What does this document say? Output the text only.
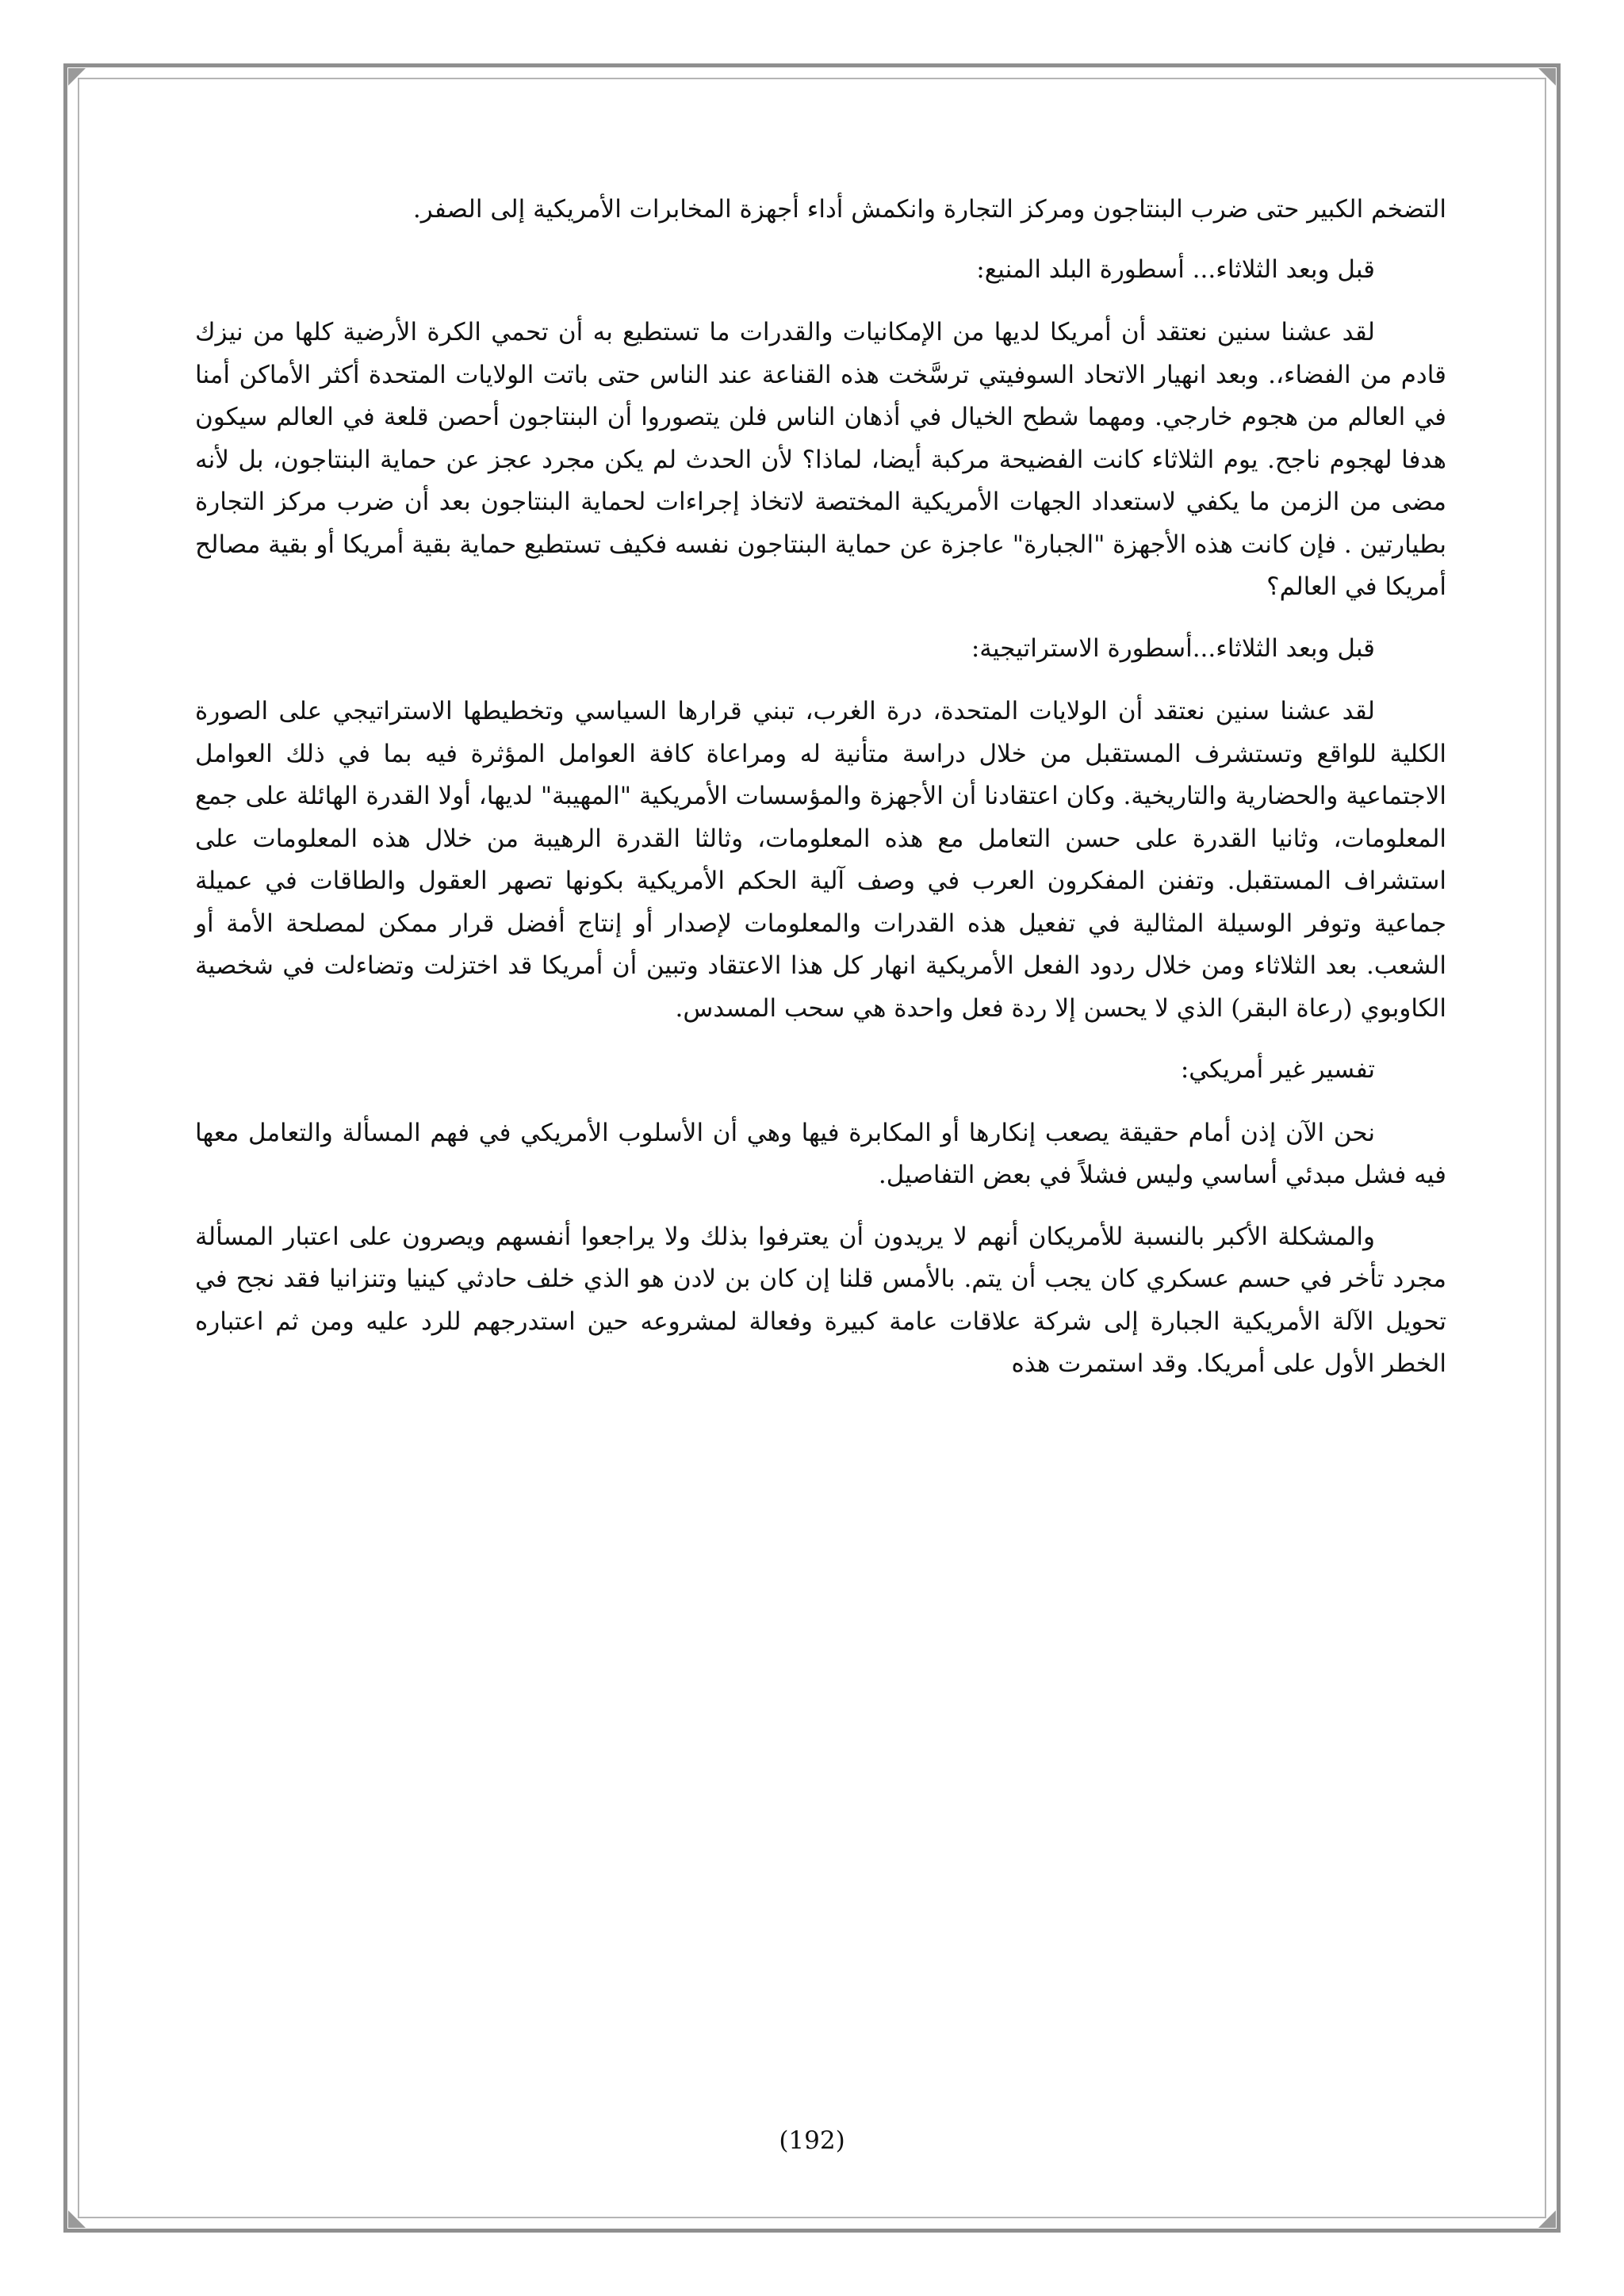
التضخم الكبير حتى ضرب البنتاجون ومركز التجارة وانكمش أداء أجهزة المخابرات الأمريكية إلى الصفر.

قبل وبعد الثلاثاء... أسطورة البلد المنيع:

لقد عشنا سنين نعتقد أن أمريكا لديها من الإمكانيات والقدرات ما تستطيع به أن تحمي الكرة الأرضية كلها من نيزك قادم من الفضاء،. وبعد انهيار الاتحاد السوفيتي ترسَّخت هذه القناعة عند الناس حتى باتت الولايات المتحدة أكثر الأماكن أمنا في العالم من هجوم خارجي. ومهما شطح الخيال في أذهان الناس فلن يتصوروا أن البنتاجون أحصن قلعة في العالم سيكون هدفا لهجوم ناجح. يوم الثلاثاء كانت الفضيحة مركبة أيضا، لماذا؟ لأن الحدث لم يكن مجرد عجز عن حماية البنتاجون، بل لأنه مضى من الزمن ما يكفي لاستعداد الجهات الأمريكية المختصة لاتخاذ إجراءات لحماية البنتاجون بعد أن ضرب مركز التجارة بطيارتين . فإن كانت هذه الأجهزة "الجبارة" عاجزة عن حماية البنتاجون نفسه فكيف تستطيع حماية بقية أمريكا أو بقية مصالح أمريكا في العالم؟

قبل وبعد الثلاثاء...أسطورة الاستراتيجية:

لقد عشنا سنين نعتقد أن الولايات المتحدة، درة الغرب، تبني قرارها السياسي وتخطيطها الاستراتيجي على الصورة الكلية للواقع وتستشرف المستقبل من خلال دراسة متأنية له ومراعاة كافة العوامل المؤثرة فيه بما في ذلك العوامل الاجتماعية والحضارية والتاريخية. وكان اعتقادنا أن الأجهزة والمؤسسات الأمريكية "المهيبة" لديها، أولا القدرة الهائلة على جمع المعلومات، وثانيا القدرة على حسن التعامل مع هذه المعلومات، وثالثا القدرة الرهيبة من خلال هذه المعلومات على استشراف المستقبل. وتفنن المفكرون العرب في وصف آلية الحكم الأمريكية بكونها تصهر العقول والطاقات في عميلة جماعية وتوفر الوسيلة المثالية في تفعيل هذه القدرات والمعلومات لإصدار أو إنتاج أفضل قرار ممكن لمصلحة الأمة أو الشعب. بعد الثلاثاء ومن خلال ردود الفعل الأمريكية انهار كل هذا الاعتقاد وتبين أن أمريكا قد اختزلت وتضاءلت في شخصية الكاوبوي (رعاة البقر) الذي لا يحسن إلا ردة فعل واحدة هي سحب المسدس.

تفسير غير أمريكي:

نحن الآن إذن أمام حقيقة يصعب إنكارها أو المكابرة فيها وهي أن الأسلوب الأمريكي في فهم المسألة والتعامل معها فيه فشل مبدئي أساسي وليس فشلاً في بعض التفاصيل.

والمشكلة الأكبر بالنسبة للأمريكان أنهم لا يريدون أن يعترفوا بذلك ولا يراجعوا أنفسهم ويصرون على اعتبار المسألة مجرد تأخر في حسم عسكري كان يجب أن يتم. بالأمس قلنا إن كان بن لادن هو الذي خلف حادثي كينيا وتنزانيا فقد نجح في تحويل الآلة الأمريكية الجبارة إلى شركة علاقات عامة كبيرة وفعالة لمشروعه حين استدرجهم للرد عليه ومن ثم اعتباره الخطر الأول على أمريكا. وقد استمرت هذه

(192)
